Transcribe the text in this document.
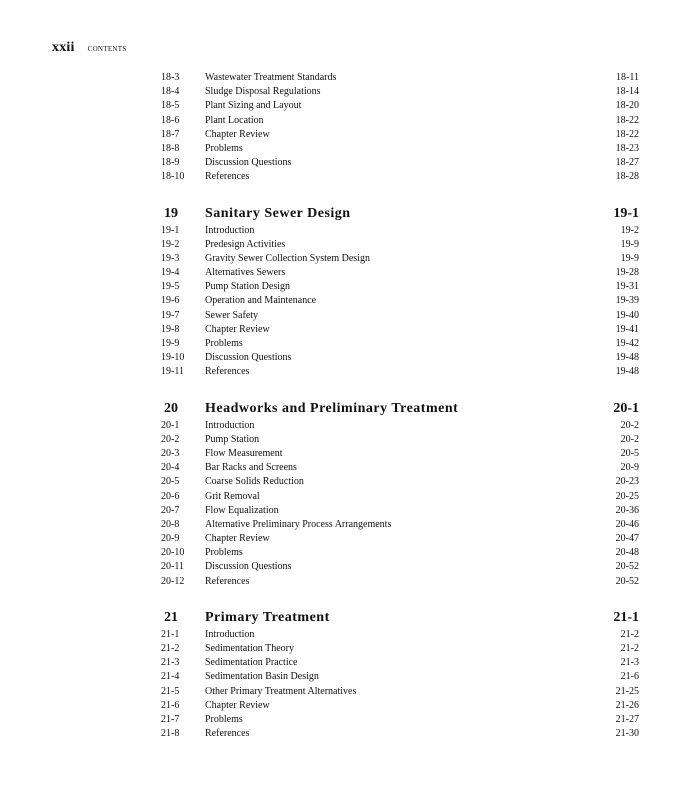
xxii CONTENTS
18-3	Wastewater Treatment Standards	18-11
18-4	Sludge Disposal Regulations	18-14
18-5	Plant Sizing and Layout	18-20
18-6	Plant Location	18-22
18-7	Chapter Review	18-22
18-8	Problems	18-23
18-9	Discussion Questions	18-27
18-10	References	18-28
19	Sanitary Sewer Design	19-1
19-1	Introduction	19-2
19-2	Predesign Activities	19-9
19-3	Gravity Sewer Collection System Design	19-9
19-4	Alternatives Sewers	19-28
19-5	Pump Station Design	19-31
19-6	Operation and Maintenance	19-39
19-7	Sewer Safety	19-40
19-8	Chapter Review	19-41
19-9	Problems	19-42
19-10	Discussion Questions	19-48
19-11	References	19-48
20	Headworks and Preliminary Treatment	20-1
20-1	Introduction	20-2
20-2	Pump Station	20-2
20-3	Flow Measurement	20-5
20-4	Bar Racks and Screens	20-9
20-5	Coarse Solids Reduction	20-23
20-6	Grit Removal	20-25
20-7	Flow Equalization	20-36
20-8	Alternative Preliminary Process Arrangements	20-46
20-9	Chapter Review	20-47
20-10	Problems	20-48
20-11	Discussion Questions	20-52
20-12	References	20-52
21	Primary Treatment	21-1
21-1	Introduction	21-2
21-2	Sedimentation Theory	21-2
21-3	Sedimentation Practice	21-3
21-4	Sedimentation Basin Design	21-6
21-5	Other Primary Treatment Alternatives	21-25
21-6	Chapter Review	21-26
21-7	Problems	21-27
21-8	References	21-30
